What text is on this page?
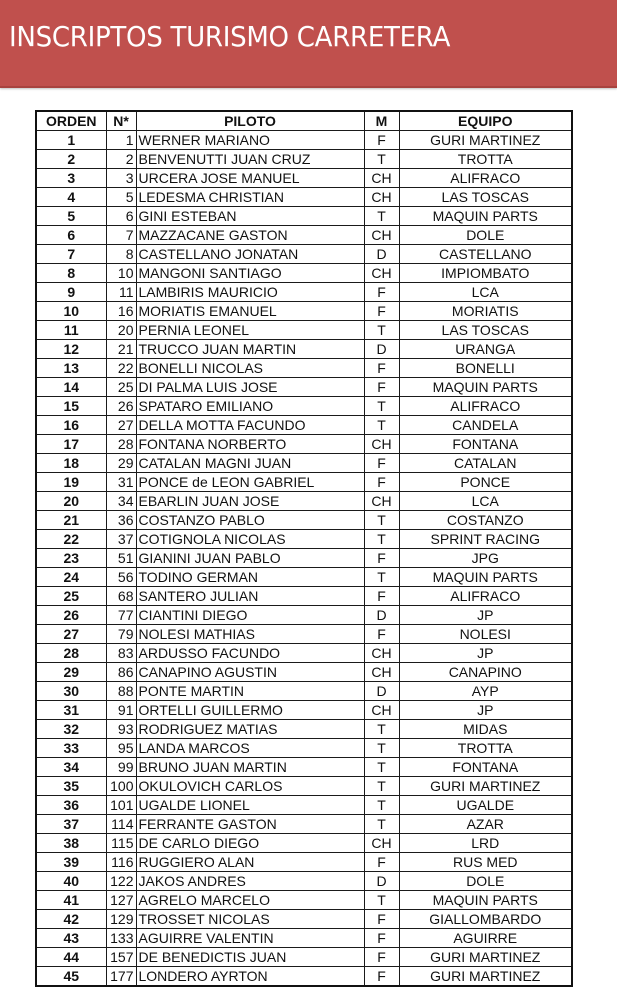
INSCRIPTOS TURISMO CARRETERA
ORDEN	N*	PILOTO	M	EQUIPO
1	1	WERNER MARIANO	F	GURI MARTINEZ
2	2	BENVENUTTI JUAN CRUZ	T	TROTTA
3	3	URCERA JOSE MANUEL	CH	ALIFRACO
4	5	LEDESMA CHRISTIAN	CH	LAS TOSCAS
5	6	GINI ESTEBAN	T	MAQUIN PARTS
6	7	MAZZACANE GASTON	CH	DOLE
7	8	CASTELLANO JONATAN	D	CASTELLANO
8	10	MANGONI SANTIAGO	CH	IMPIOMBATO
9	11	LAMBIRIS MAURICIO	F	LCA
10	16	MORIATIS EMANUEL	F	MORIATIS
11	20	PERNIA LEONEL	T	LAS TOSCAS
12	21	TRUCCO JUAN MARTIN	D	URANGA
13	22	BONELLI NICOLAS	F	BONELLI
14	25	DI PALMA LUIS JOSE	F	MAQUIN PARTS
15	26	SPATARO EMILIANO	T	ALIFRACO
16	27	DELLA MOTTA FACUNDO	T	CANDELA
17	28	FONTANA NORBERTO	CH	FONTANA
18	29	CATALAN MAGNI JUAN	F	CATALAN
19	31	PONCE de LEON GABRIEL	F	PONCE
20	34	EBARLIN JUAN JOSE	CH	LCA
21	36	COSTANZO PABLO	T	COSTANZO
22	37	COTIGNOLA NICOLAS	T	SPRINT RACING
23	51	GIANINI JUAN PABLO	F	JPG
24	56	TODINO GERMAN	T	MAQUIN PARTS
25	68	SANTERO JULIAN	F	ALIFRACO
26	77	CIANTINI DIEGO	D	JP
27	79	NOLESI MATHIAS	F	NOLESI
28	83	ARDUSSO FACUNDO	CH	JP
29	86	CANAPINO AGUSTIN	CH	CANAPINO
30	88	PONTE MARTIN	D	AYP
31	91	ORTELLI GUILLERMO	CH	JP
32	93	RODRIGUEZ MATIAS	T	MIDAS
33	95	LANDA MARCOS	T	TROTTA
34	99	BRUNO JUAN MARTIN	T	FONTANA
35	100	OKULOVICH CARLOS	T	GURI MARTINEZ
36	101	UGALDE LIONEL	T	UGALDE
37	114	FERRANTE GASTON	T	AZAR
38	115	DE CARLO DIEGO	CH	LRD
39	116	RUGGIERO ALAN	F	RUS MED
40	122	JAKOS ANDRES	D	DOLE
41	127	AGRELO MARCELO	T	MAQUIN PARTS
42	129	TROSSET NICOLAS	F	GIALLOMBARDO
43	133	AGUIRRE VALENTIN	F	AGUIRRE
44	157	DE BENEDICTIS JUAN	F	GURI MARTINEZ
45	177	LONDERO AYRTON	F	GURI MARTINEZ
